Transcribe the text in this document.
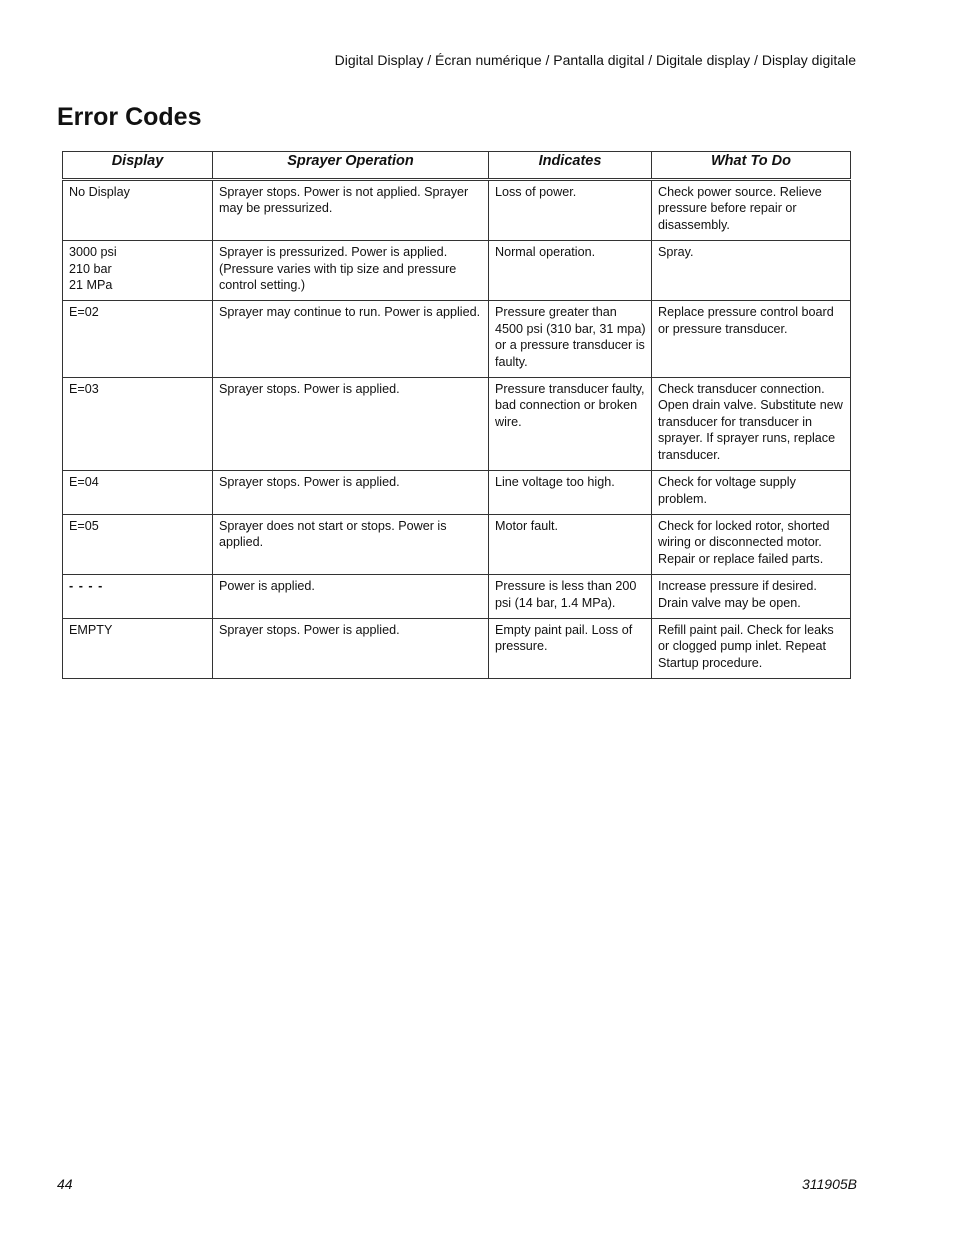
Digital Display / Écran numérique / Pantalla digital / Digitale display / Display digitale
Error Codes
Display	Sprayer Operation	Indicates	What To Do

No Display	Sprayer stops. Power is not applied. Sprayer may be pressurized.	Loss of power.	Check power source. Relieve pressure before repair or disassembly.

3000 psi
210 bar
21 MPa	Sprayer is pressurized. Power is applied. (Pressure varies with tip size and pressure control setting.)	Normal operation.	Spray.

E=02	Sprayer may continue to run. Power is applied.	Pressure greater than 4500 psi (310 bar, 31 mpa) or a pressure transducer is faulty.	Replace pressure control board or pressure transducer.

E=03	Sprayer stops. Power is applied.	Pressure transducer faulty, bad connection or broken wire.	Check transducer connection. Open drain valve. Substitute new transducer for transducer in sprayer. If sprayer runs, replace transducer.

E=04	Sprayer stops. Power is applied.	Line voltage too high.	Check for voltage supply problem.

E=05	Sprayer does not start or stops. Power is applied.	Motor fault.	Check for locked rotor, shorted wiring or disconnected motor. Repair or replace failed parts.

- - - -	Power is applied.	Pressure is less than 200 psi (14 bar, 1.4 MPa).	Increase pressure if desired. Drain valve may be open.

EMPTY	Sprayer stops. Power is applied.	Empty paint pail. Loss of pressure.	Refill paint pail. Check for leaks or clogged pump inlet. Repeat Startup procedure.
44	311905B
